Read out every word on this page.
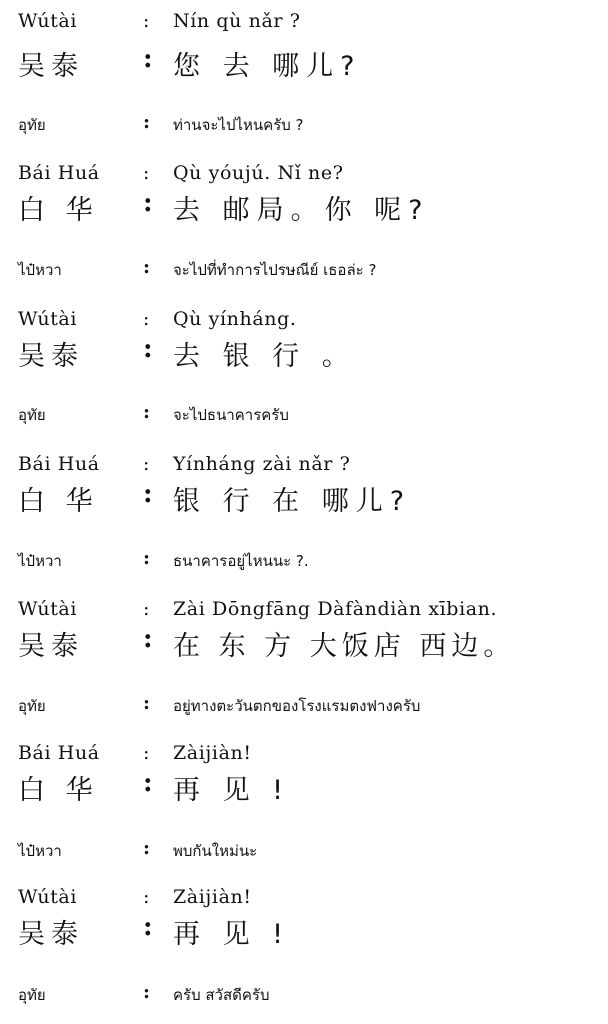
Wútài	: Nín qù nǎr ?
吴泰 : 您 去 哪儿?
อุทัย	: ท่านจะไปไหนครับ ?
Bái Huá : Qù yóujú. Nǐ ne?
白 华 : 去 邮局。你 呢?
ไป๋หวา	: จะไปที่ทำการไปรษณีย์ เธอล่ะ ?
Wútài	: Qù yínháng.
吴泰 : 去 银 行 。
อุทัย	: จะไปธนาคารครับ
Bái Huá : Yínháng zài nǎr ?
白 华 : 银 行 在 哪儿?
ไป๋หวา	: ธนาคารอยู่ไหนนะ ?.
Wútài	: Zài Dōngfāng Dàfàndiàn xībian.
吴泰 : 在 东 方 大饭店 西边。
อุทัย	: อยู่ทางตะวันตกของโรงแรมตงฟางครับ
Bái Huá : Zàijiàn!
白 华 : 再 见 !
ไป๋หวา	: พบกันใหม่นะ
Wútài	: Zàijiàn!
吴泰 : 再 见 !
อุทัย	: ครับ สวัสดีครับ
